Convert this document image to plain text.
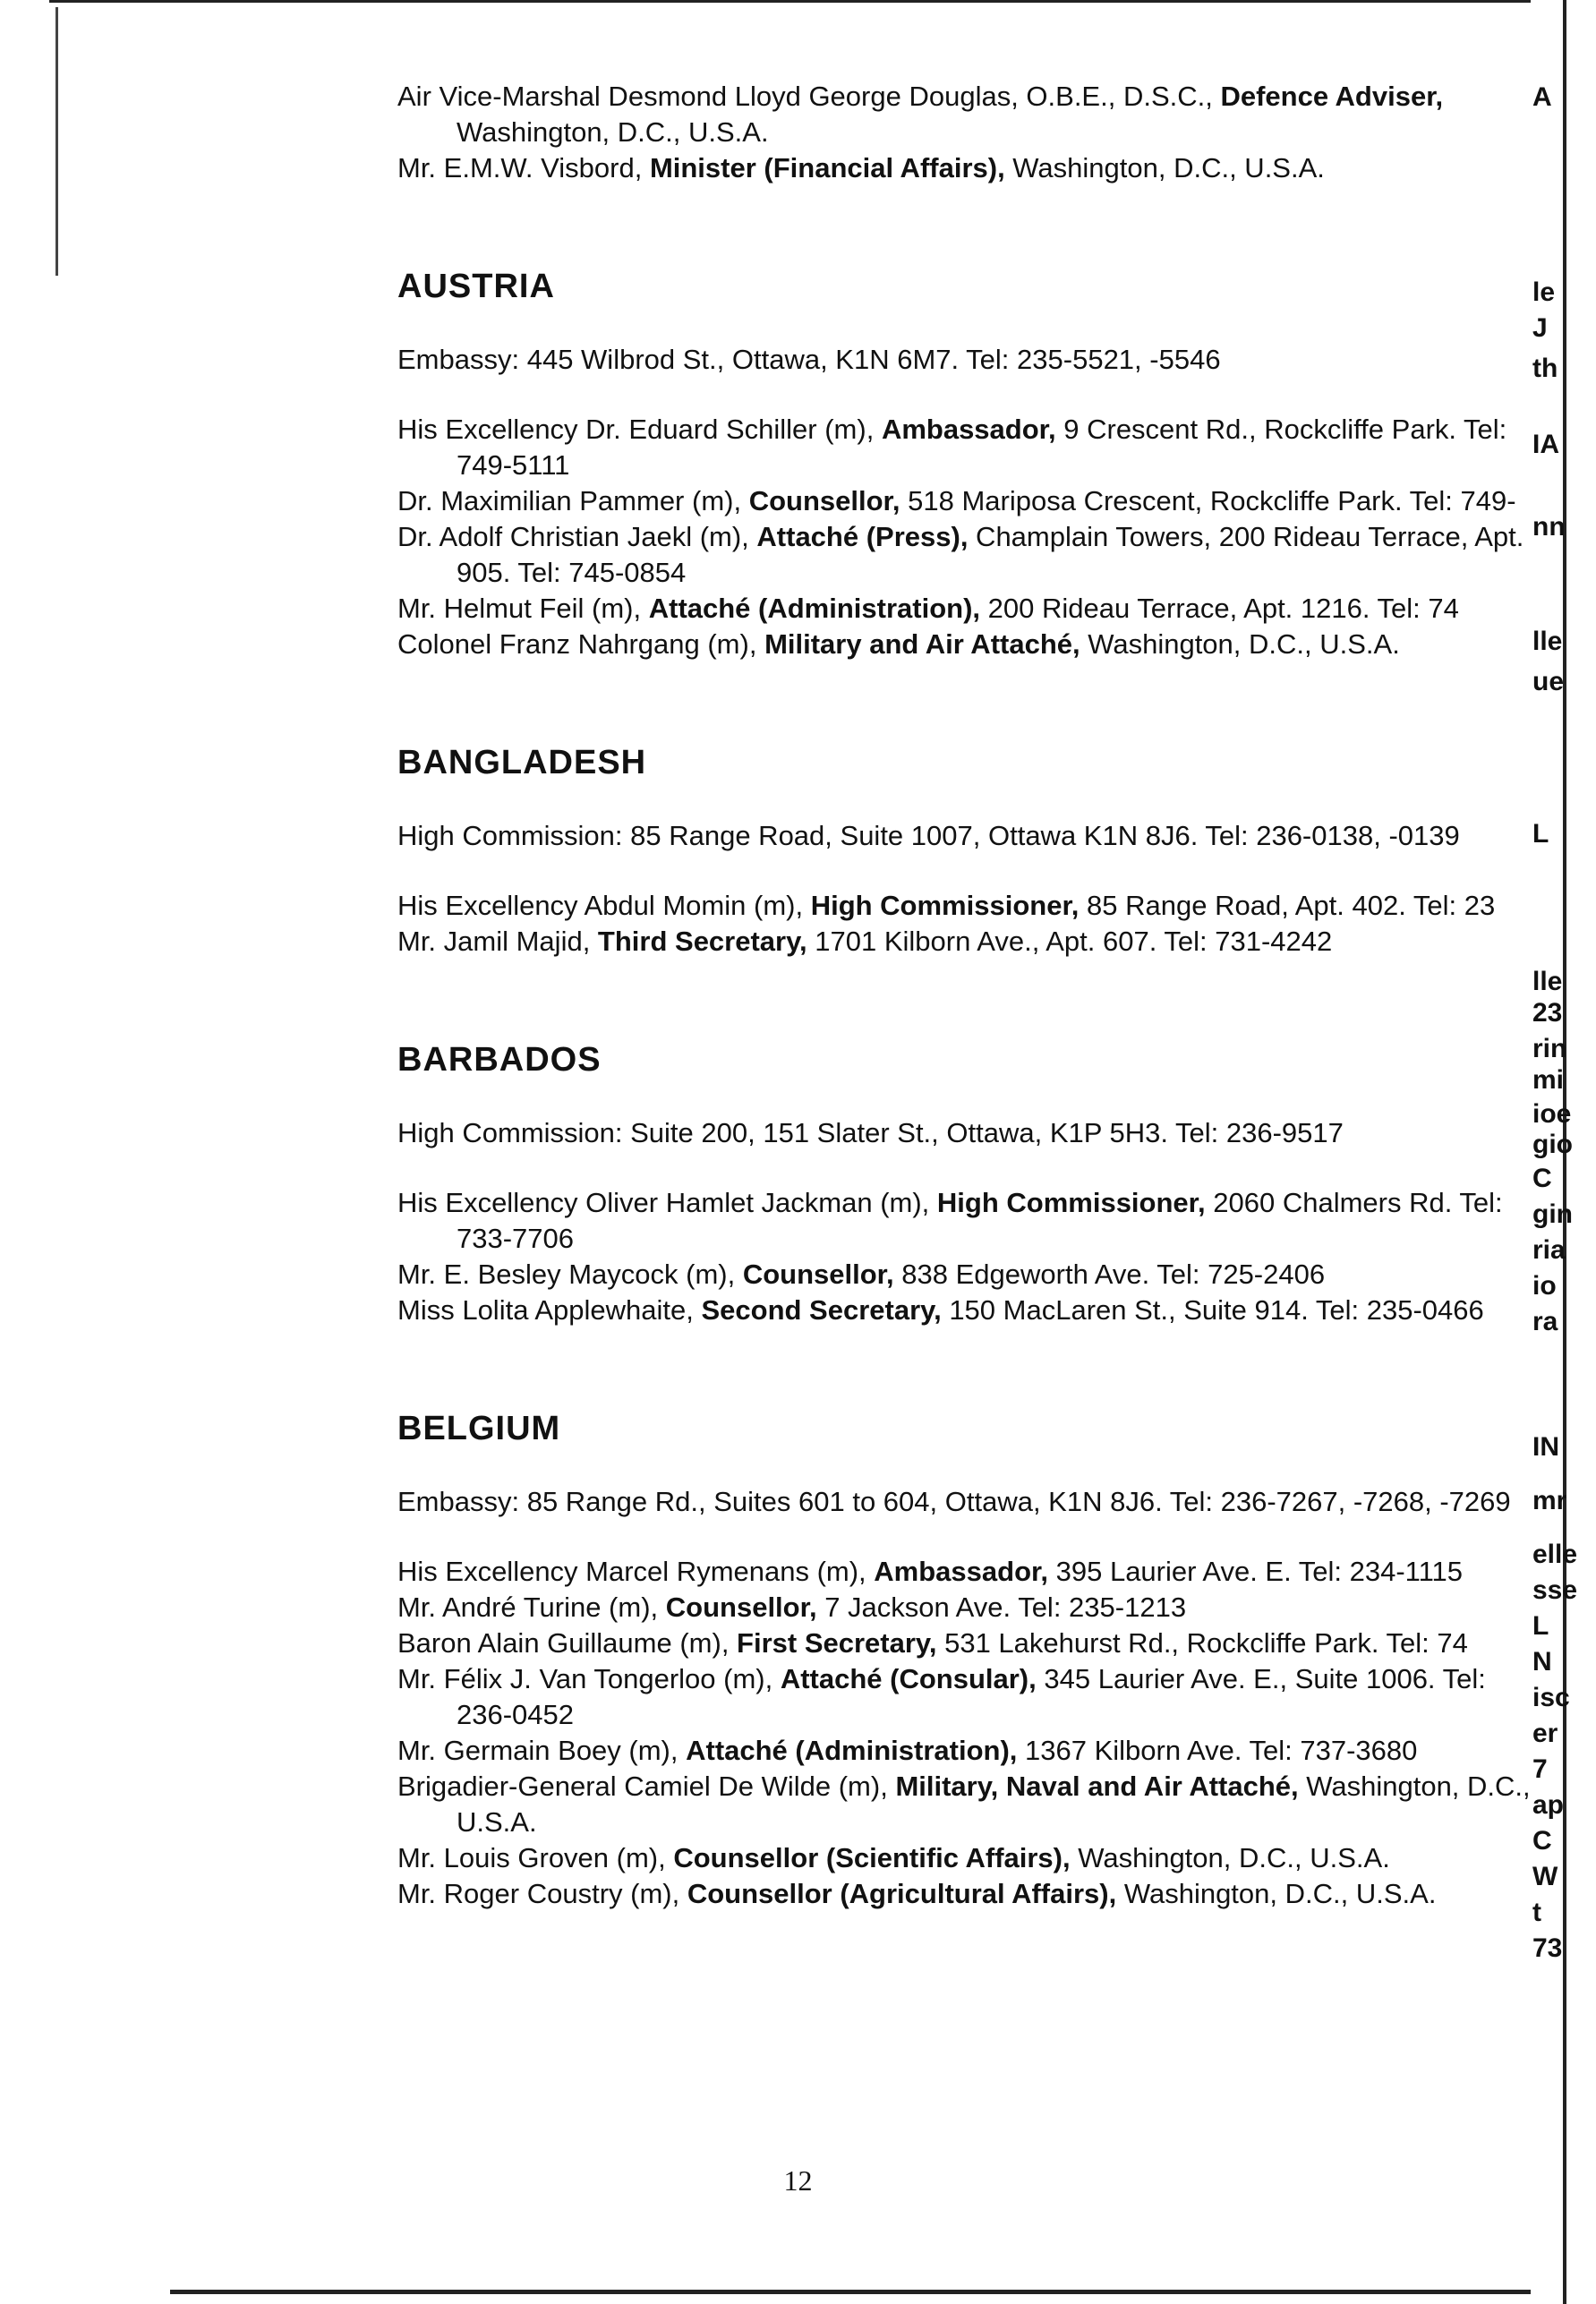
Air Vice-Marshal Desmond Lloyd George Douglas, O.B.E., D.S.C., Defence Adviser, Washington, D.C., U.S.A.
Mr. E.M.W. Visbord, Minister (Financial Affairs), Washington, D.C., U.S.A.
AUSTRIA
Embassy: 445 Wilbrod St., Ottawa, K1N 6M7. Tel: 235-5521, -5546
His Excellency Dr. Eduard Schiller (m), Ambassador, 9 Crescent Rd., Rockcliffe Park. Tel: 749-5111
Dr. Maximilian Pammer (m), Counsellor, 518 Mariposa Crescent, Rockcliffe Park. Tel: 749-
Dr. Adolf Christian Jaekl (m), Attaché (Press), Champlain Towers, 200 Rideau Terrace, Apt. 905. Tel: 745-0854
Mr. Helmut Feil (m), Attaché (Administration), 200 Rideau Terrace, Apt. 1216. Tel: 74
Colonel Franz Nahrgang (m), Military and Air Attaché, Washington, D.C., U.S.A.
BANGLADESH
High Commission: 85 Range Road, Suite 1007, Ottawa K1N 8J6. Tel: 236-0138, -0139
His Excellency Abdul Momin (m), High Commissioner, 85 Range Road, Apt. 402. Tel: 23
Mr. Jamil Majid, Third Secretary, 1701 Kilborn Ave., Apt. 607. Tel: 731-4242
BARBADOS
High Commission: Suite 200, 151 Slater St., Ottawa, K1P 5H3. Tel: 236-9517
His Excellency Oliver Hamlet Jackman (m), High Commissioner, 2060 Chalmers Rd. Tel: 733-7706
Mr. E. Besley Maycock (m), Counsellor, 838 Edgeworth Ave. Tel: 725-2406
Miss Lolita Applewhaite, Second Secretary, 150 MacLaren St., Suite 914. Tel: 235-0466
BELGIUM
Embassy: 85 Range Rd., Suites 601 to 604, Ottawa, K1N 8J6. Tel: 236-7267, -7268, -7269
His Excellency Marcel Rymenans (m), Ambassador, 395 Laurier Ave. E. Tel: 234-1115
Mr. André Turine (m), Counsellor, 7 Jackson Ave. Tel: 235-1213
Baron Alain Guillaume (m), First Secretary, 531 Lakehurst Rd., Rockcliffe Park. Tel: 74
Mr. Félix J. Van Tongerloo (m), Attaché (Consular), 345 Laurier Ave. E., Suite 1006. Tel: 236-0452
Mr. Germain Boey (m), Attaché (Administration), 1367 Kilborn Ave. Tel: 737-3680
Brigadier-General Camiel De Wilde (m), Military, Naval and Air Attaché, Washington, D.C., U.S.A.
Mr. Louis Groven (m), Counsellor (Scientific Affairs), Washington, D.C., U.S.A.
Mr. Roger Coustry (m), Counsellor (Agricultural Affairs), Washington, D.C., U.S.A.
A
le
J
th
IA
nn
lle
ue
L
lle
23
rin
mi
ioe
gio
C
gin
ria
io
ra
IN
mr
elle
sse
L
N
isc
er
7
ap
C
W
t
73
12
